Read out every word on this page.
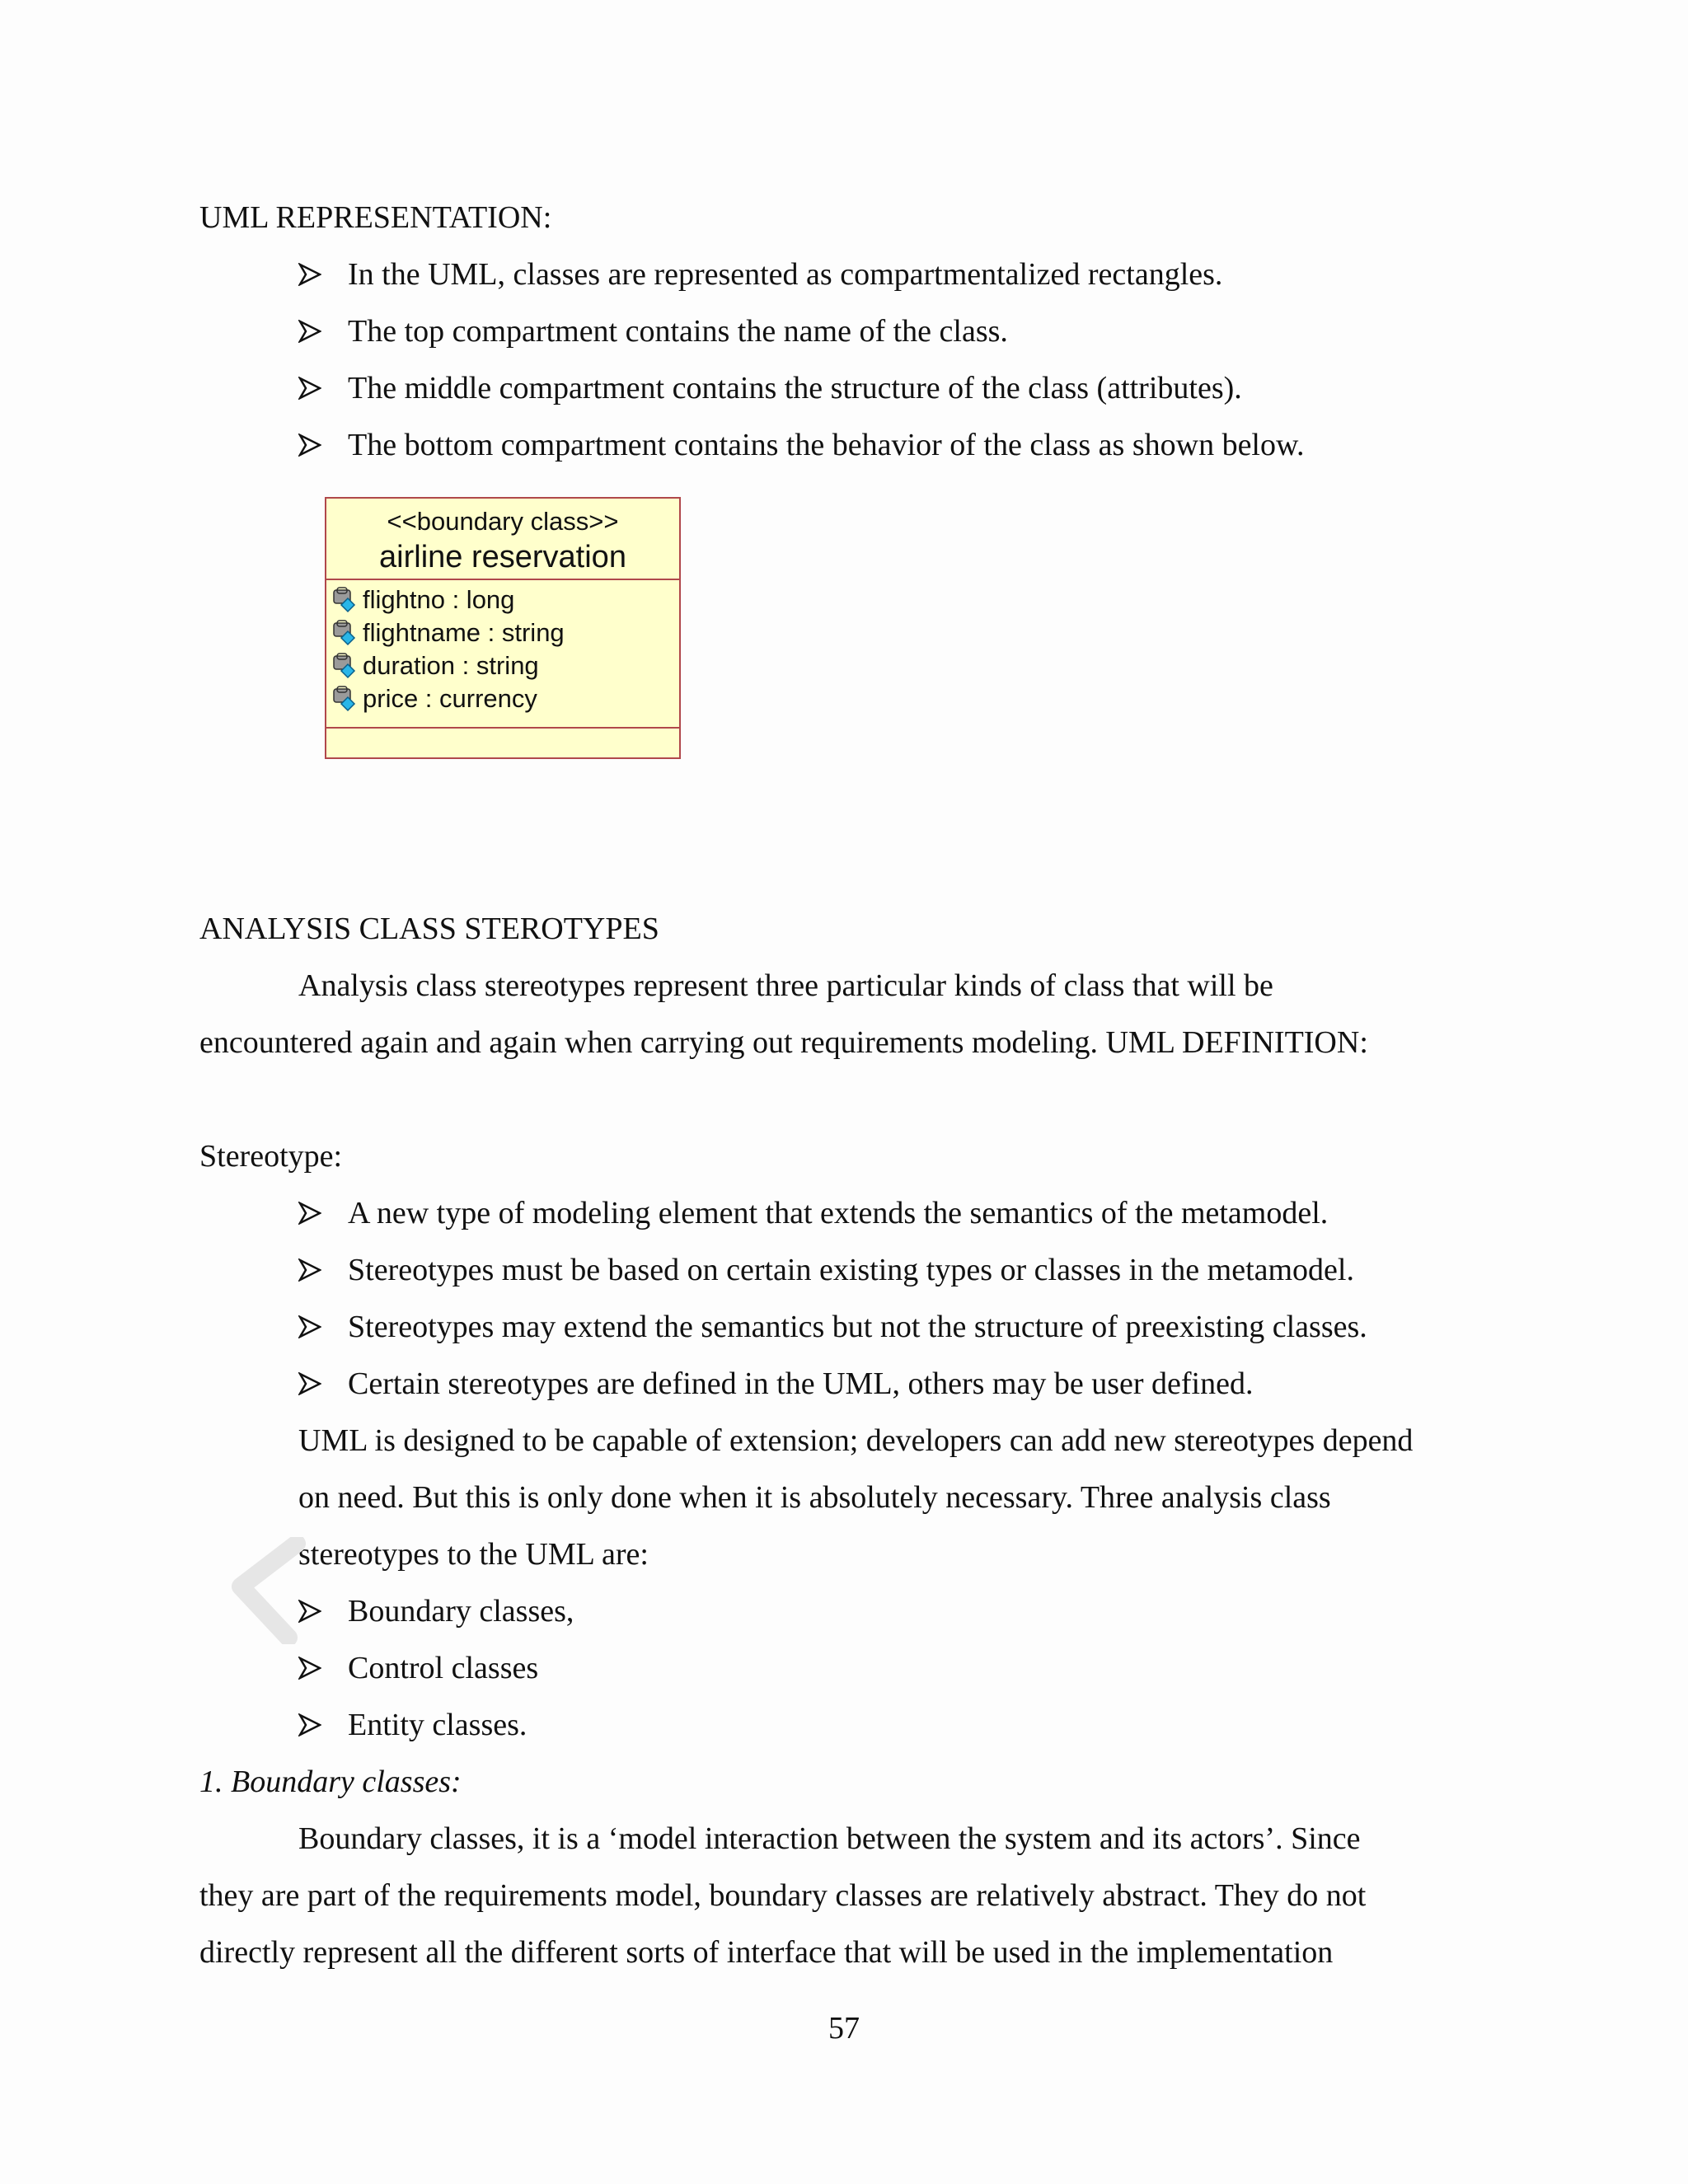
UML REPRESENTATION:
In the UML, classes are represented as compartmentalized rectangles.
The top compartment contains the name of the class.
The middle compartment contains the structure of the class (attributes).
The bottom compartment contains the behavior of the class as shown below.
<<boundary class>>
airline reservation
flightno : long
flightname : string
duration : string
price : currency
ANALYSIS CLASS STEROTYPES
Analysis class stereotypes represent three particular kinds of class that will be
encountered again and again when carrying out requirements modeling. UML DEFINITION:
Stereotype:
A new type of modeling element that extends the semantics of the metamodel.
Stereotypes must be based on certain existing types or classes in the metamodel.
Stereotypes may extend the semantics but not the structure of preexisting classes.
Certain stereotypes are defined in the UML, others may be user defined.
UML is designed to be capable of extension; developers can add new stereotypes depend
on need. But this is only done when it is absolutely necessary. Three analysis class
stereotypes to the UML are:
Boundary classes,
Control classes
Entity classes.
1. Boundary classes:
Boundary classes, it is a ‘model interaction between the system and its actors’. Since
they are part of the requirements model, boundary classes are relatively abstract. They do not
directly represent all the different sorts of interface that will be used in the implementation
57
